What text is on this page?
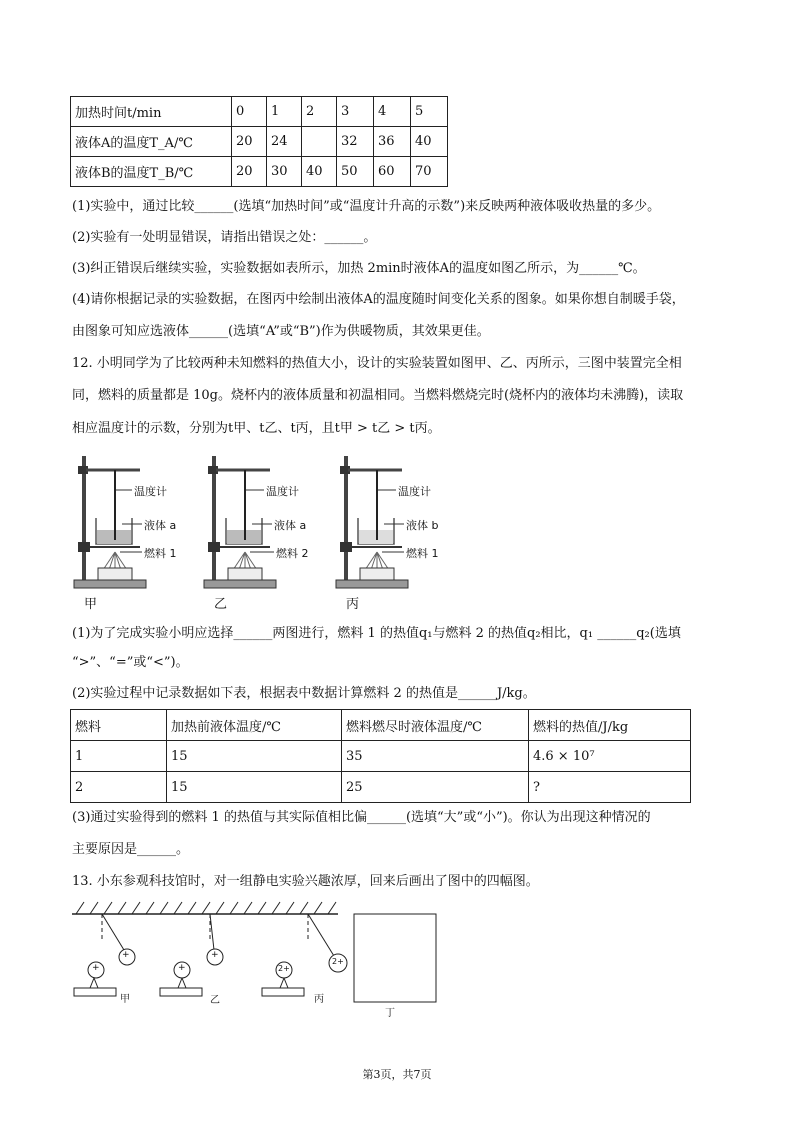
加热时间t/min	0	1	2	3	4	5
液体A的温度T_A/℃	20	24		32	36	40
液体B的温度T_B/℃	20	30	40	50	60	70
(1)实验中，通过比较______(选填“加热时间”或“温度计升高的示数”)来反映两种液体吸收热量的多少。
(2)实验有一处明显错误，请指出错误之处：______。
(3)纠正错误后继续实验，实验数据如表所示，加热 2min时液体A的温度如图乙所示，为______℃。
(4)请你根据记录的实验数据，在图丙中绘制出液体A的温度随时间变化关系的图象。如果你想自制暖手袋，
由图象可知应选液体______(选填“A”或“B”)作为供暖物质，其效果更佳。
12. 小明同学为了比较两种未知燃料的热值大小，设计的实验装置如图甲、乙、丙所示，三图中装置完全相
同，燃料的质量都是 10g。烧杯内的液体质量和初温相同。当燃料燃烧完时(烧杯内的液体均未沸腾)，读取
相应温度计的示数，分别为t甲、t乙、t丙，且t甲 > t乙 > t丙。
温度计
液体 a
燃料 1
甲
温度计
液体 a
燃料 2
乙
温度计
液体 b
燃料 1
丙
(1)为了完成实验小明应选择______两图进行，燃料 1 的热值q₁与燃料 2 的热值q₂相比，q₁ ______q₂(选填
“>”、“=”或“<”)。
(2)实验过程中记录数据如下表，根据表中数据计算燃料 2 的热值是______J/kg。
燃料	加热前液体温度/℃	燃料燃尽时液体温度/℃	燃料的热值/J/kg
1	15	35	4.6 × 10⁷
2	15	25	?
(3)通过实验得到的燃料 1 的热值与其实际值相比偏______(选填“大”或“小”)。你认为出现这种情况的
主要原因是______。
13. 小东参观科技馆时，对一组静电实验兴趣浓厚，回来后画出了图中的四幅图。
+	+
2+
+	+	2+
甲	乙	丙
丁
第3页，共7页
